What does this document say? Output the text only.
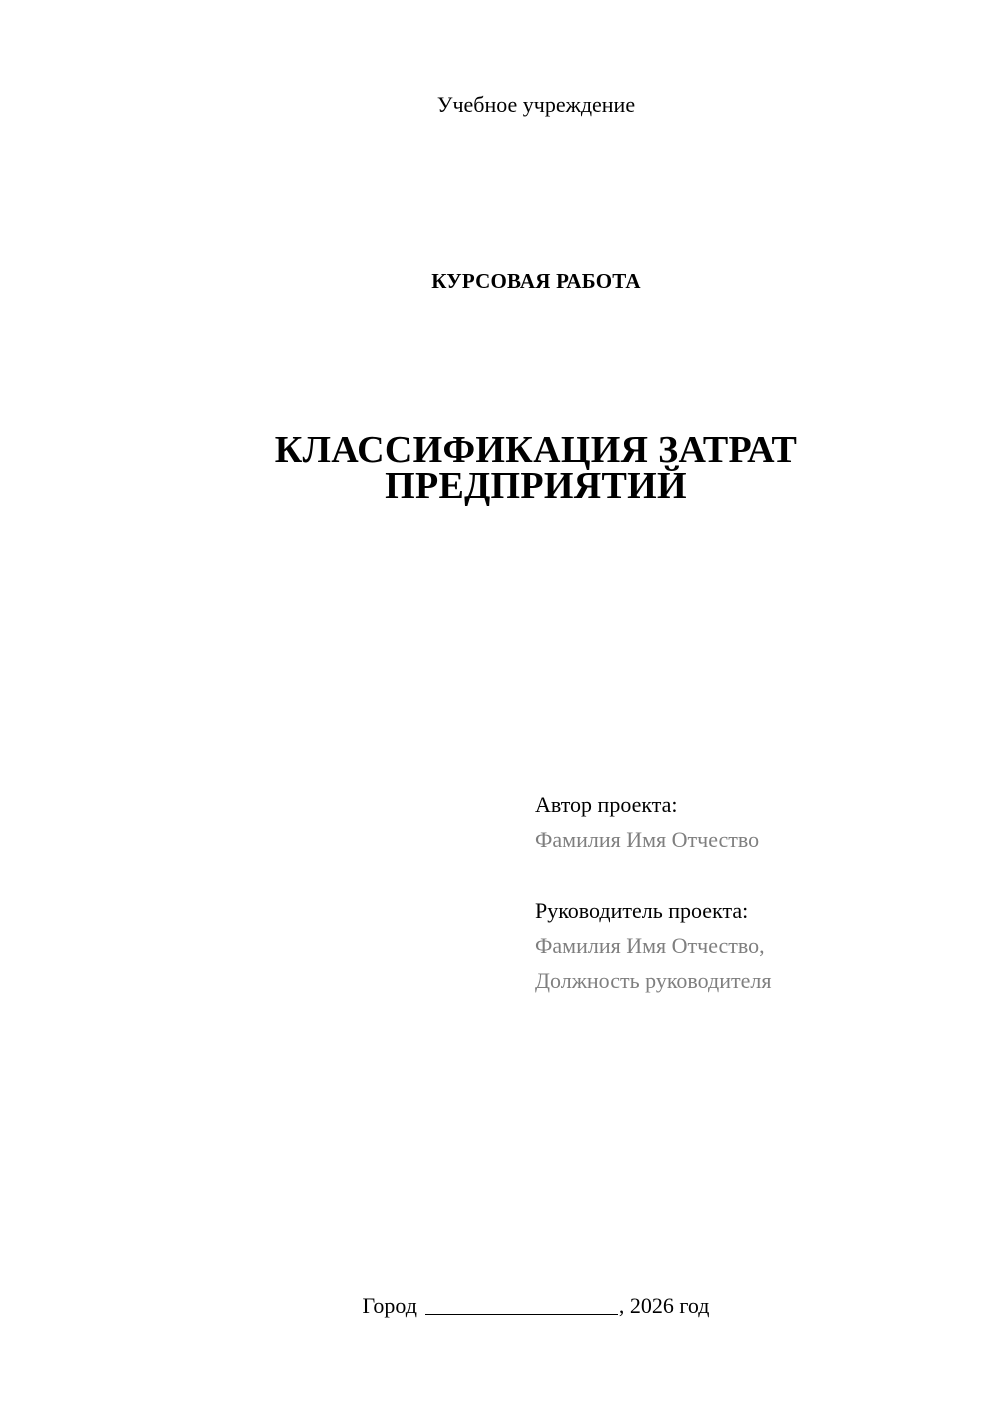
Учебное учреждение
КУРСОВАЯ РАБОТА
КЛАССИФИКАЦИЯ ЗАТРАТ
ПРЕДПРИЯТИЙ
Автор проекта:
Фамилия Имя Отчество
Руководитель проекта:
Фамилия Имя Отчество,
Должность руководителя
Город	, 2026 год
